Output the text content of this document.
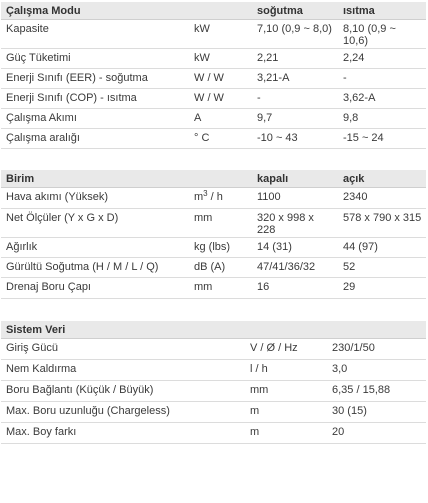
Çalışma Modu		soğutma	ısıtma
Kapasite	kW	7,10 (0,9 ~ 8,0)	8,10 (0,9 ~ 10,6)
Güç Tüketimi	kW	2,21	2,24
Enerji Sınıfı (EER) - soğutma	W / W	3,21-A	-
Enerji Sınıfı (COP) - ısıtma	W / W	-	3,62-A
Çalışma Akımı	A	9,7	9,8
Çalışma aralığı	° C	-10 ~ 43	-15 ~ 24
Birim		kapalı	açık
Hava akımı (Yüksek)	$m^3$ / h	1100	2340
Net Ölçüler (Y x G x D)	mm	320 x 998 x 228	578 x 790 x 315
Ağırlık	kg (lbs)	14 (31)	44 (97)
Gürültü Soğutma (H / M / L / Q)	dB (A)	47/41/36/32	52
Drenaj Boru Çapı	mm	16	29
Sistem Veri		
Giriş Gücü	V / Ø / Hz	230/1/50
Nem Kaldırma	l / h	3,0
Boru Bağlantı (Küçük / Büyük)	mm	6,35 / 15,88
Max. Boru uzunluğu (Chargeless)	m	30 (15)
Max. Boy farkı	m	20
